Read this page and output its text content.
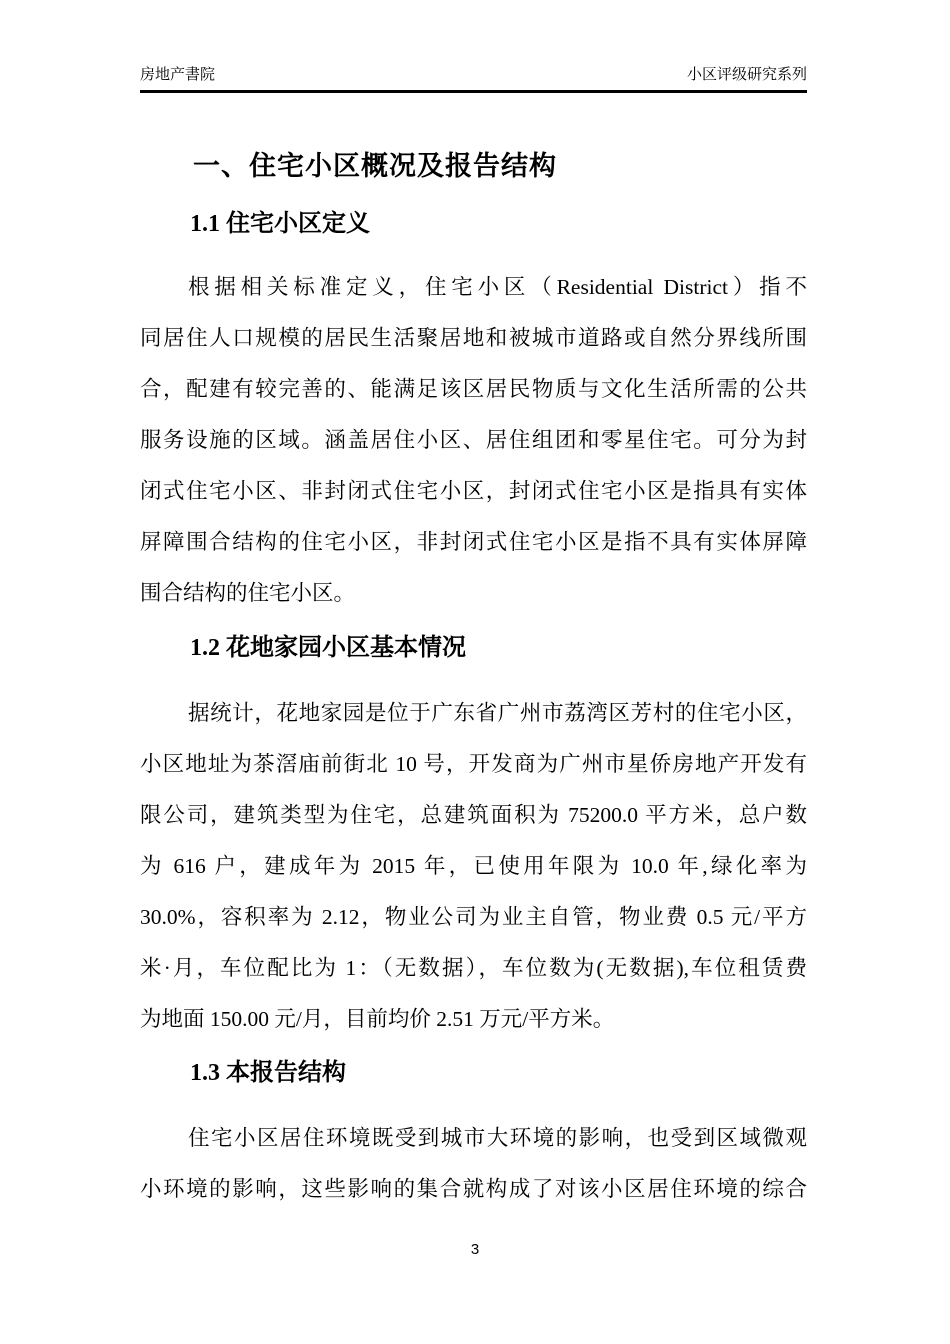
房地产書院	小区评级研究系列
一、住宅小区概况及报告结构
1.1 住宅小区定义
根据相关标准定义，住宅小区（Residential District）指不
同居住人口规模的居民生活聚居地和被城市道路或自然分界线所围
合，配建有较完善的、能满足该区居民物质与文化生活所需的公共
服务设施的区域。涵盖居住小区、居住组团和零星住宅。可分为封
闭式住宅小区、非封闭式住宅小区，封闭式住宅小区是指具有实体
屏障围合结构的住宅小区，非封闭式住宅小区是指不具有实体屏障
围合结构的住宅小区。
1.2 花地家园小区基本情况
据统计，花地家园是位于广东省广州市荔湾区芳村的住宅小区，
小区地址为茶滘庙前街北 10 号，开发商为广州市星侨房地产开发有
限公司，建筑类型为住宅，总建筑面积为 75200.0 平方米，总户数
为 616 户，建成年为 2015 年，已使用年限为 10.0 年,绿化率为
30.0%，容积率为 2.12，物业公司为业主自管，物业费 0.5 元/平方
米·月，车位配比为 1：（无数据），车位数为(无数据),车位租赁费
为地面 150.00 元/月，目前均价 2.51 万元/平方米。
1.3 本报告结构
住宅小区居住环境既受到城市大环境的影响，也受到区域微观
小环境的影响，这些影响的集合就构成了对该小区居住环境的综合
3
